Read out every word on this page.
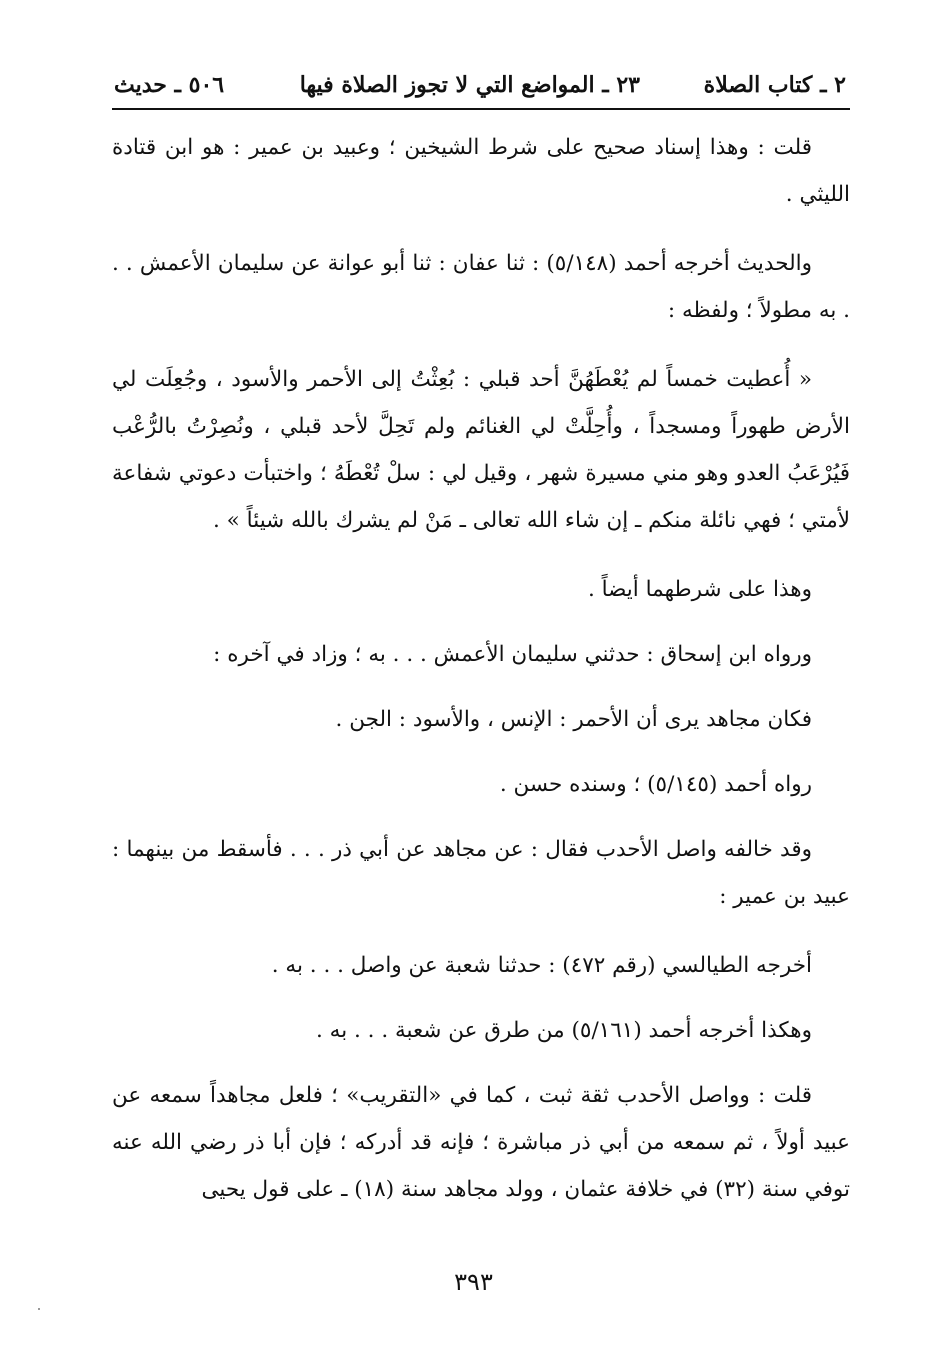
٢ ـ كتاب الصلاة
٢٣ ـ المواضع التي لا تجوز الصلاة فيها
٥٠٦ ـ حديث

قلت : وهذا إسناد صحيح على شرط الشيخين ؛ وعبيد بن عمير : هو ابن قتادة الليثي .

والحديث أخرجه أحمد (٥/١٤٨) : ثنا عفان : ثنا أبو عوانة عن سليمان الأعمش . . . به مطولاً ؛ ولفظه :

« أُعطيت خمساً لم يُعْطَهُنَّ أحد قبلي : بُعِثْتُ إلى الأحمر والأسود ، وجُعِلَت لي الأرض طهوراً ومسجداً ، وأُحِلَّتْ لي الغنائم ولم تَحِلَّ لأحد قبلي ، ونُصِرْتُ بالرُّعْب فَيُرْعَبُ العدو وهو مني مسيرة شهر ، وقيل لي : سلْ تُعْطَهُ ؛ واختبأت دعوتي شفاعة لأمتي ؛ فهي نائلة منكم ـ إن شاء الله تعالى ـ مَنْ لم يشرك بالله شيئاً » .

وهذا على شرطهما أيضاً .

ورواه ابن إسحاق : حدثني سليمان الأعمش . . . به ؛ وزاد في آخره :

فكان مجاهد يرى أن الأحمر : الإنس ، والأسود : الجن .

رواه أحمد (٥/١٤٥) ؛ وسنده حسن .

وقد خالفه واصل الأحدب فقال : عن مجاهد عن أبي ذر . . . فأسقط من بينهما : عبيد بن عمير :

أخرجه الطيالسي (رقم ٤٧٢) : حدثنا شعبة عن واصل . . . به .

وهكذا أخرجه أحمد (٥/١٦١) من طرق عن شعبة . . . به .

قلت : وواصل الأحدب ثقة ثبت ، كما في «التقريب» ؛ فلعل مجاهداً سمعه عن عبيد أولاً ، ثم سمعه من أبي ذر مباشرة ؛ فإنه قد أدركه ؛ فإن أبا ذر رضي الله عنه توفي سنة (٣٢) في خلافة عثمان ، وولد مجاهد سنة (١٨) ـ على قول يحيى

٣٩٣
